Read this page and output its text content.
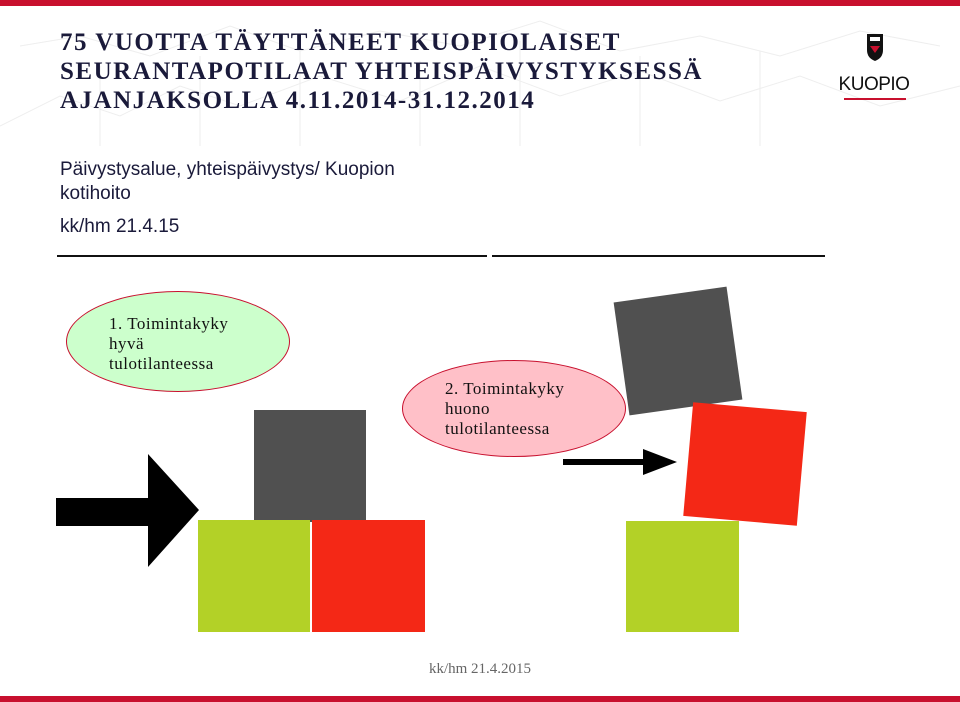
75 VUOTTA TÄYTTÄNEET KUOPIOLAISET
SEURANTAPOTILAAT YHTEISPÄIVYSTYKSESSÄ
AJANJAKSOLLA 4.11.2014-31.12.2014
KUOPIO
Päivystysalue, yhteispäivystys/ Kuopion
kotihoito
kk/hm 21.4.15
1. Toimintakyky
hyvä
tulotilanteessa
2. Toimintakyky
huono
tulotilanteessa
kk/hm 21.4.2015
